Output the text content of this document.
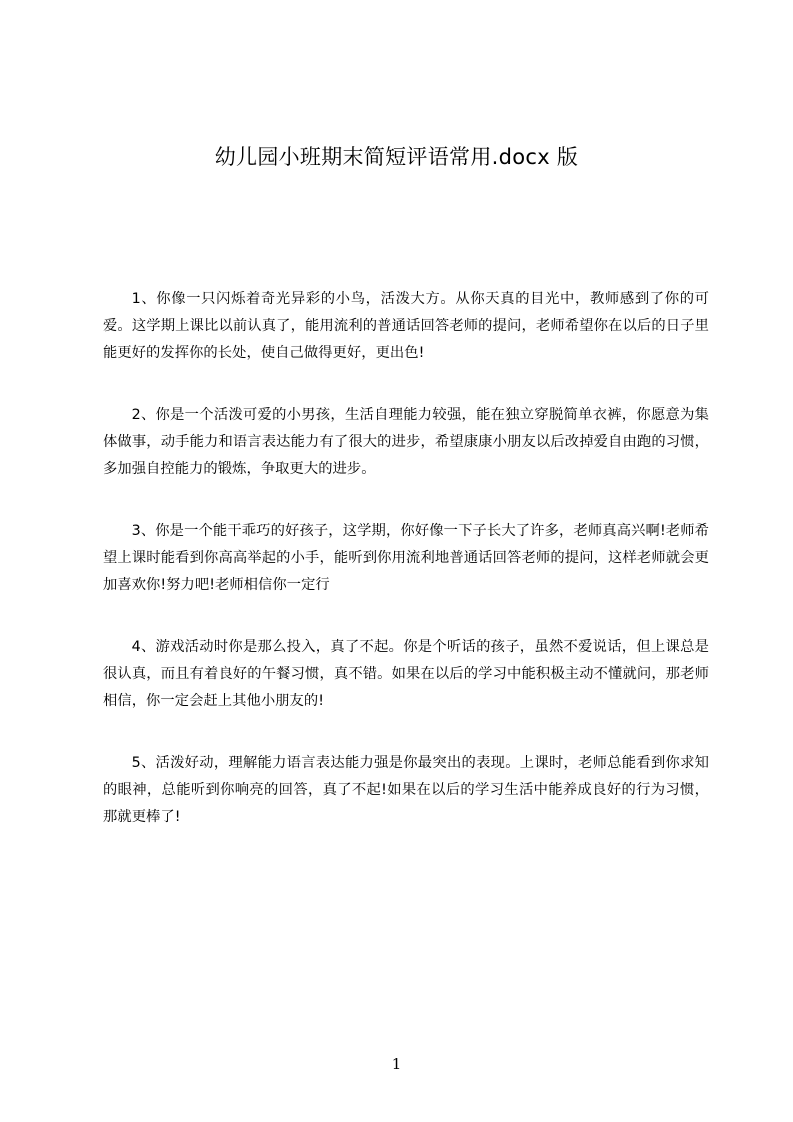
幼儿园小班期末简短评语常用.docx 版

1、你像一只闪烁着奇光异彩的小鸟，活泼大方。从你天真的目光中，教师感到了你的可爱。这学期上课比以前认真了，能用流利的普通话回答老师的提问，老师希望你在以后的日子里能更好的发挥你的长处，使自己做得更好，更出色!

2、你是一个活泼可爱的小男孩，生活自理能力较强，能在独立穿脱简单衣裤，你愿意为集体做事，动手能力和语言表达能力有了很大的进步，希望康康小朋友以后改掉爱自由跑的习惯，多加强自控能力的锻炼，争取更大的进步。

3、你是一个能干乖巧的好孩子，这学期，你好像一下子长大了许多，老师真高兴啊!老师希望上课时能看到你高高举起的小手，能听到你用流利地普通话回答老师的提问，这样老师就会更加喜欢你!努力吧!老师相信你一定行

4、游戏活动时你是那么投入，真了不起。你是个听话的孩子，虽然不爱说话，但上课总是很认真，而且有着良好的午餐习惯，真不错。如果在以后的学习中能积极主动不懂就问，那老师相信，你一定会赶上其他小朋友的!

5、活泼好动，理解能力语言表达能力强是你最突出的表现。上课时，老师总能看到你求知的眼神，总能听到你响亮的回答，真了不起!如果在以后的学习生活中能养成良好的行为习惯，那就更棒了!

1
